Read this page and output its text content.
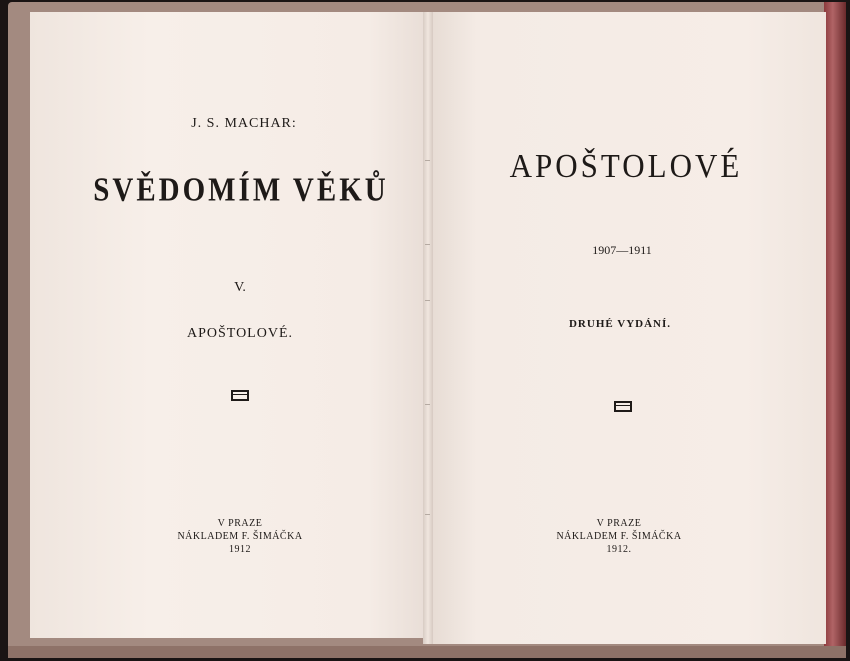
J. S. MACHAR:
SVĚDOMÍM VĚKŮ
V.
APOŠTOLOVÉ.
V PRAZE
NÁKLADEM F. ŠIMÁČKA
1912
APOŠTOLOVÉ
1907—1911
DRUHÉ VYDÁNÍ.
V PRAZE
NÁKLADEM F. ŠIMÁČKA
1912.
